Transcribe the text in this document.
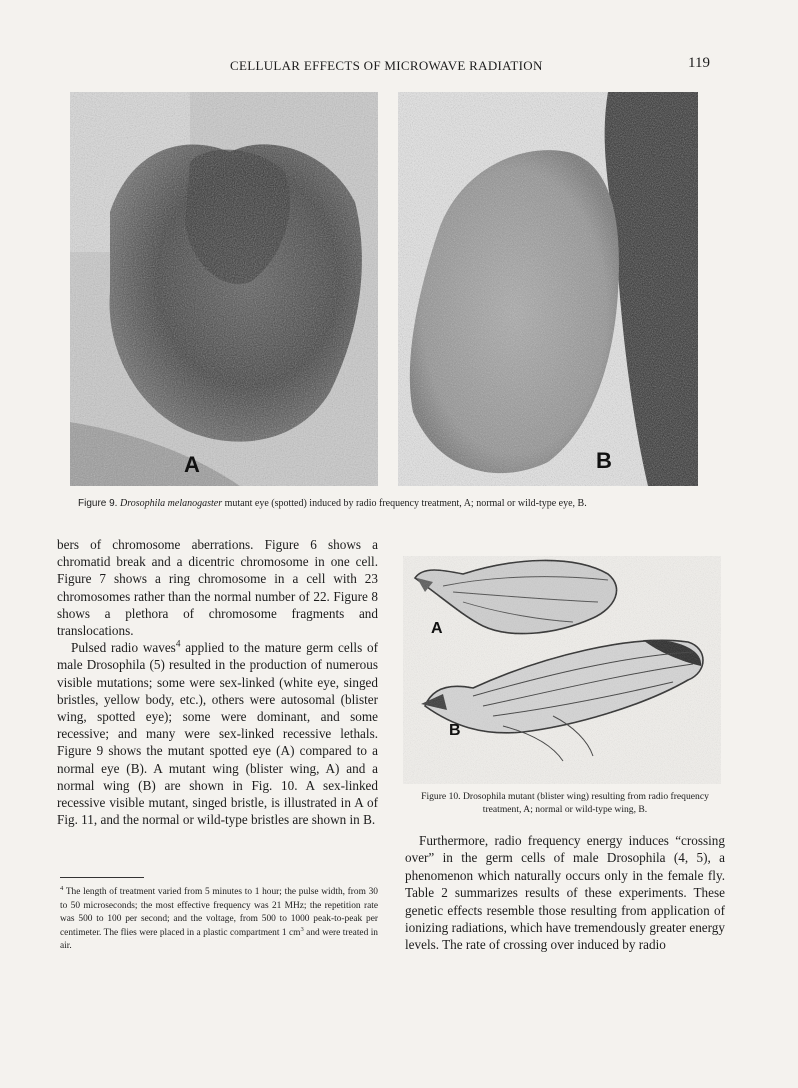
CELLULAR EFFECTS OF MICROWAVE RADIATION	119
A	B
Figure 9. Drosophila melanogaster mutant eye (spotted) induced by radio frequency treatment, A; normal or wild-type eye, B.

bers of chromosome aberrations. Figure 6 shows a chromatid break and a dicentric chromosome in one cell. Figure 7 shows a ring chromosome in a cell with 23 chromosomes rather than the normal number of 22. Figure 8 shows a plethora of chromosome fragments and translocations.

Pulsed radio waves$^4$ applied to the mature germ cells of male Drosophila (5) resulted in the production of numerous visible mutations; some were sex-linked (white eye, singed bristles, yellow body, etc.), others were autosomal (blister wing, spotted eye); some were dominant, and some recessive; and many were sex-linked recessive lethals. Figure 9 shows the mutant spotted eye (A) compared to a normal eye (B). A mutant wing (blister wing, A) and a normal wing (B) are shown in Fig. 10. A sex-linked recessive visible mutant, singed bristle, is illustrated in A of Fig. 11, and the normal or wild-type bristles are shown in B.

$^4$ The length of treatment varied from 5 minutes to 1 hour; the pulse width, from 30 to 50 microseconds; the most effective frequency was 21 MHz; the repetition rate was 500 to 100 per second; and the voltage, from 500 to 1000 peak-to-peak per centimeter. The flies were placed in a plastic compartment 1 $cm^3$ and were treated in air.
A
B
Figure 10. Drosophila mutant (blister wing) resulting from radio frequency treatment, A; normal or wild-type wing, B.

Furthermore, radio frequency energy induces “crossing over” in the germ cells of male Drosophila (4, 5), a phenomenon which naturally occurs only in the female fly. Table 2 summarizes results of these experiments. These genetic effects resemble those resulting from application of ionizing radiations, which have tremendously greater energy levels. The rate of crossing over induced by radio
